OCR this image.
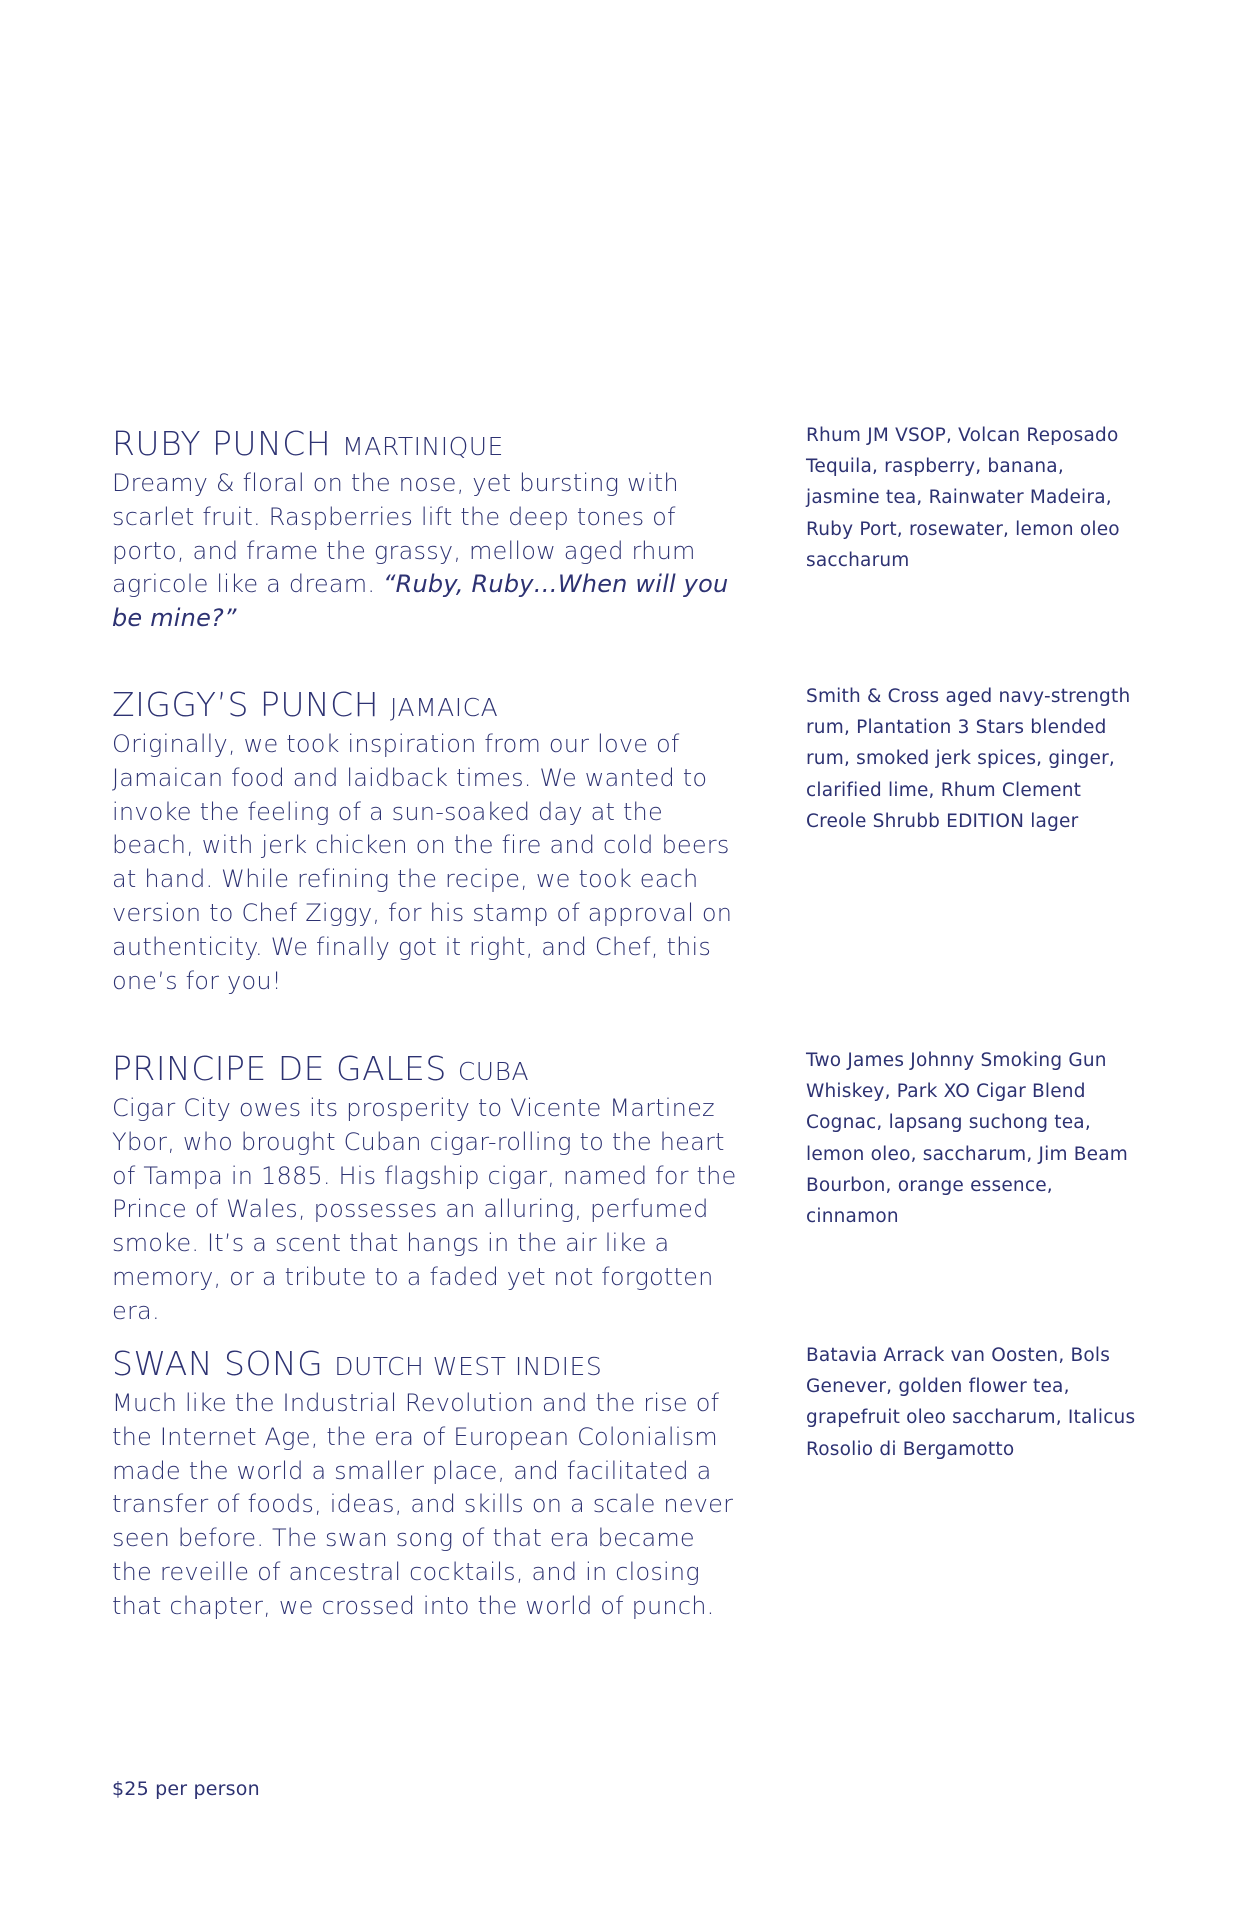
RUBY PUNCH MARTINIQUE

Dreamy & floral on the nose, yet bursting with scarlet fruit. Raspberries lift the deep tones of porto, and frame the grassy, mellow aged rhum agricole like a dream. “Ruby, Ruby…When will you be mine?”

Rhum JM VSOP, Volcan Reposado Tequila, raspberry, banana, jasmine tea, Rainwater Madeira, Ruby Port, rosewater, lemon oleo saccharum

ZIGGY’S PUNCH JAMAICA

Originally, we took inspiration from our love of Jamaican food and laidback times. We wanted to invoke the feeling of a sun-soaked day at the beach, with jerk chicken on the fire and cold beers at hand. While refining the recipe, we took each version to Chef Ziggy, for his stamp of approval on authenticity. We finally got it right, and Chef, this one’s for you!

Smith & Cross aged navy-strength rum, Plantation 3 Stars blended rum, smoked jerk spices, ginger, clarified lime, Rhum Clement Creole Shrubb EDITION lager

PRINCIPE DE GALES CUBA

Cigar City owes its prosperity to Vicente Martinez Ybor, who brought Cuban cigar-rolling to the heart of Tampa in 1885. His flagship cigar, named for the Prince of Wales, possesses an alluring, perfumed smoke. It’s a scent that hangs in the air like a memory, or a tribute to a faded yet not forgotten era.

Two James Johnny Smoking Gun Whiskey, Park XO Cigar Blend Cognac, lapsang suchong tea, lemon oleo, saccharum, Jim Beam Bourbon, orange essence, cinnamon

SWAN SONG DUTCH WEST INDIES

Much like the Industrial Revolution and the rise of the Internet Age, the era of European Colonialism made the world a smaller place, and facilitated a transfer of foods, ideas, and skills on a scale never seen before. The swan song of that era became the reveille of ancestral cocktails, and in closing that chapter, we crossed into the world of punch.

Batavia Arrack van Oosten, Bols Genever, golden flower tea, grapefruit oleo saccharum, Italicus Rosolio di Bergamotto

$25 per person
